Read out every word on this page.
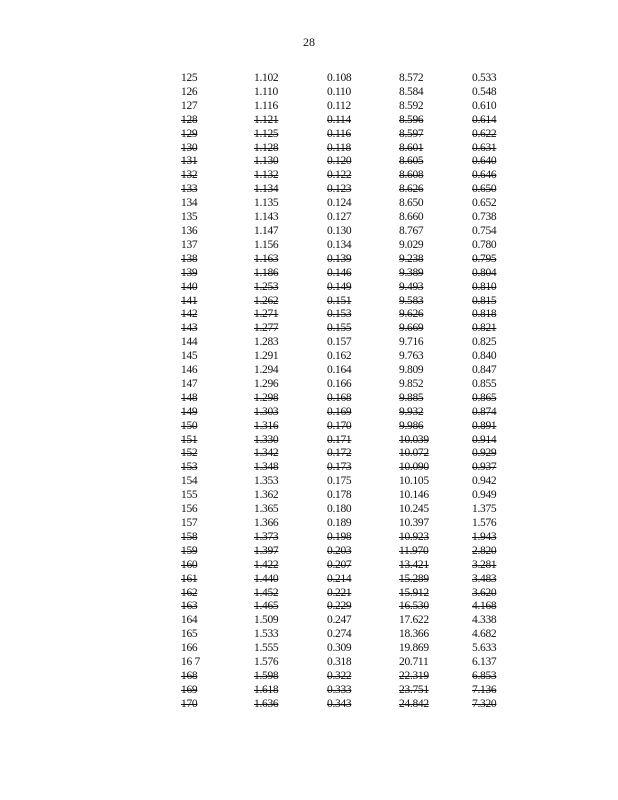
28
125	1.102	0.108	8.572	0.533
126	1.110	0.110	8.584	0.548
127	1.116	0.112	8.592	0.610
128	1.121	0.114	8.596	0.614
129	1.125	0.116	8.597	0.622
130	1.128	0.118	8.601	0.631
131	1.130	0.120	8.605	0.640
132	1.132	0.122	8.608	0.646
133	1.134	0.123	8.626	0.650
134	1.135	0.124	8.650	0.652
135	1.143	0.127	8.660	0.738
136	1.147	0.130	8.767	0.754
137	1.156	0.134	9.029	0.780
138	1.163	0.139	9.238	0.795
139	1.186	0.146	9.389	0.804
140	1.253	0.149	9.493	0.810
141	1.262	0.151	9.583	0.815
142	1.271	0.153	9.626	0.818
143	1.277	0.155	9.669	0.821
144	1.283	0.157	9.716	0.825
145	1.291	0.162	9.763	0.840
146	1.294	0.164	9.809	0.847
147	1.296	0.166	9.852	0.855
148	1.298	0.168	9.885	0.865
149	1.303	0.169	9.932	0.874
150	1.316	0.170	9.986	0.891
151	1.330	0.171	10.039	0.914
152	1.342	0.172	10.072	0.929
153	1.348	0.173	10.090	0.937
154	1.353	0.175	10.105	0.942
155	1.362	0.178	10.146	0.949
156	1.365	0.180	10.245	1.375
157	1.366	0.189	10.397	1.576
158	1.373	0.198	10.923	1.943
159	1.397	0.203	11.970	2.820
160	1.422	0.207	13.421	3.281
161	1.440	0.214	15.289	3.483
162	1.452	0.221	15.912	3.620
163	1.465	0.229	16.530	4.168
164	1.509	0.247	17.622	4.338
165	1.533	0.274	18.366	4.682
166	1.555	0.309	19.869	5.633
16 7	1.576	0.318	20.711	6.137
168	1.598	0.322	22.319	6.853
169	1.618	0.333	23.751	7.136
170	1.636	0.343	24.842	7.320
